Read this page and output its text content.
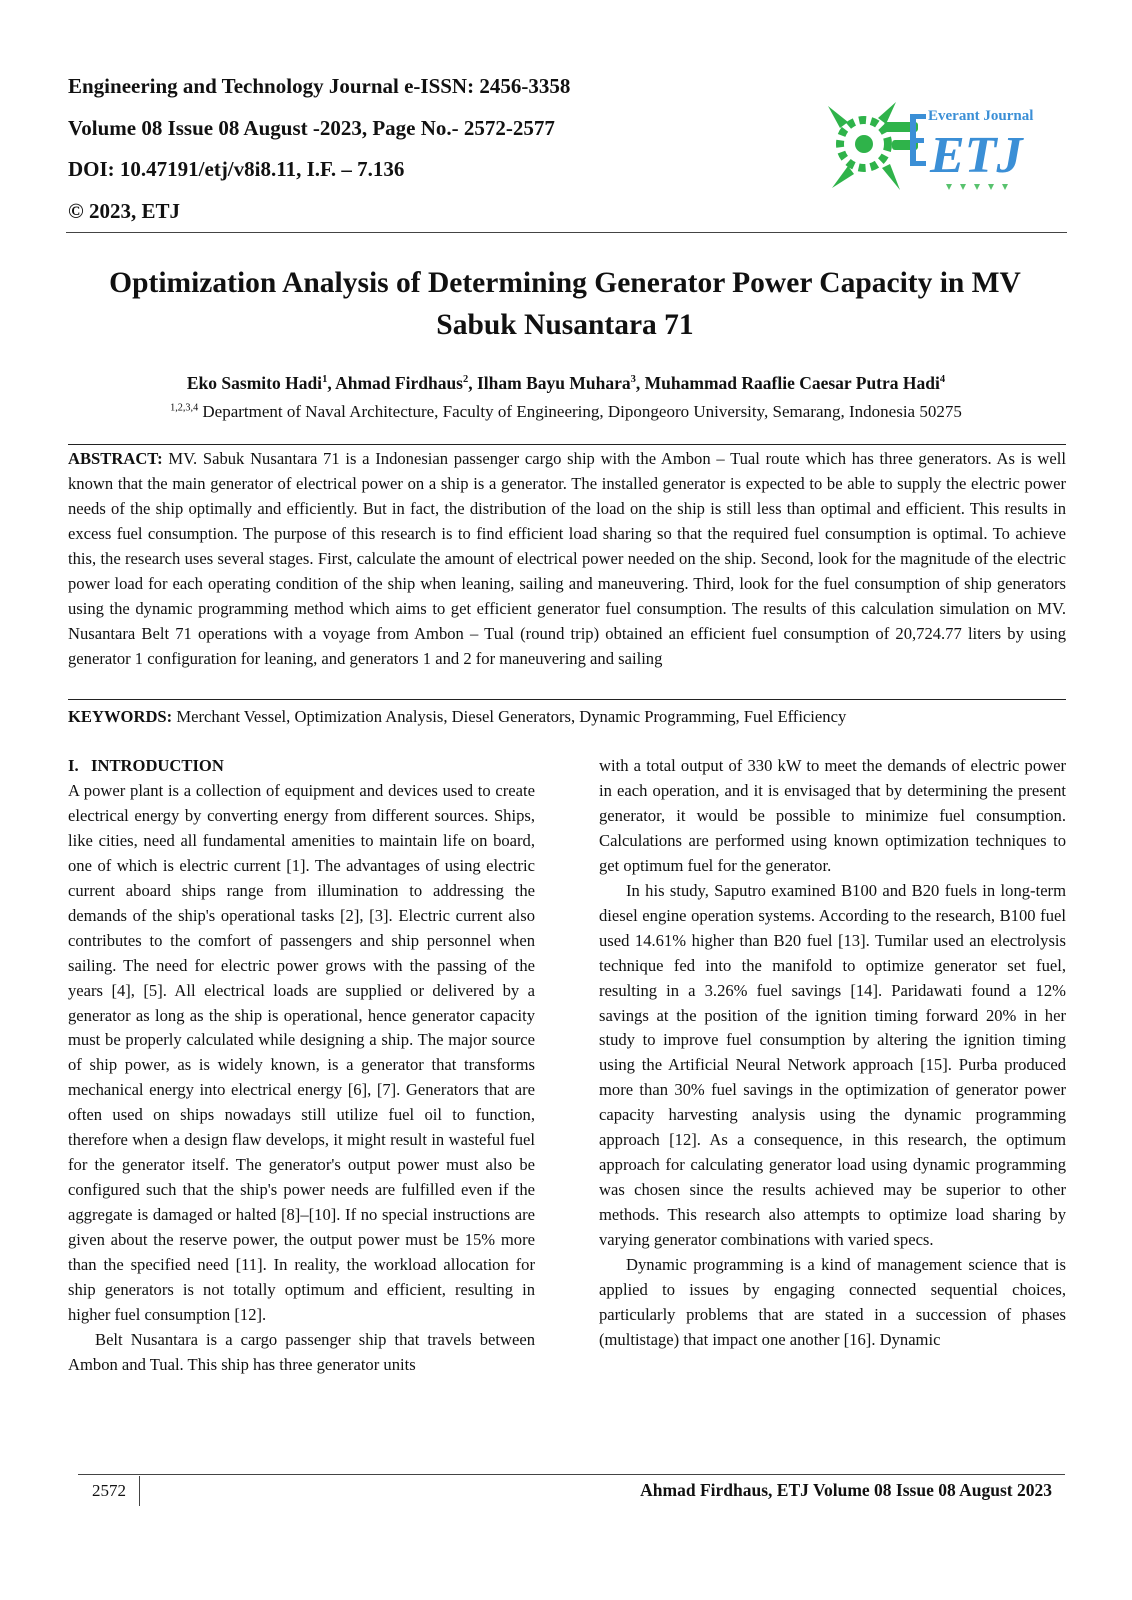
Engineering and Technology Journal e-ISSN: 2456-3358
Volume 08 Issue 08 August -2023, Page No.- 2572-2577
DOI: 10.47191/etj/v8i8.11, I.F. – 7.136
© 2023, ETJ
Everant Journal
ETJ
Optimization Analysis of Determining Generator Power Capacity in MV
Sabuk Nusantara 71
Eko Sasmito Hadi$^1$, Ahmad Firdhaus$^2$, Ilham Bayu Muhara$^3$, Muhammad Raaflie Caesar Putra Hadi$^4$
$^{1,2,3,4}$ Department of Naval Architecture, Faculty of Engineering, Dipongeoro University, Semarang, Indonesia 50275

ABSTRACT: MV. Sabuk Nusantara 71 is a Indonesian passenger cargo ship with the Ambon – Tual route which has three generators. As is well known that the main generator of electrical power on a ship is a generator. The installed generator is expected to be able to supply the electric power needs of the ship optimally and efficiently. But in fact, the distribution of the load on the ship is still less than optimal and efficient. This results in excess fuel consumption. The purpose of this research is to find efficient load sharing so that the required fuel consumption is optimal. To achieve this, the research uses several stages. First, calculate the amount of electrical power needed on the ship. Second, look for the magnitude of the electric power load for each operating condition of the ship when leaning, sailing and maneuvering. Third, look for the fuel consumption of ship generators using the dynamic programming method which aims to get efficient generator fuel consumption. The results of this calculation simulation on MV. Nusantara Belt 71 operations with a voyage from Ambon – Tual (round trip) obtained an efficient fuel consumption of 20,724.77 liters by using generator 1 configuration for leaning, and generators 1 and 2 for maneuvering and sailing

KEYWORDS: Merchant Vessel, Optimization Analysis, Diesel Generators, Dynamic Programming, Fuel Efficiency
I.   INTRODUCTION

A power plant is a collection of equipment and devices used to create electrical energy by converting energy from different sources. Ships, like cities, need all fundamental amenities to maintain life on board, one of which is electric current [1]. The advantages of using electric current aboard ships range from illumination to addressing the demands of the ship's operational tasks [2], [3]. Electric current also contributes to the comfort of passengers and ship personnel when sailing. The need for electric power grows with the passing of the years [4], [5]. All electrical loads are supplied or delivered by a generator as long as the ship is operational, hence generator capacity must be properly calculated while designing a ship. The major source of ship power, as is widely known, is a generator that transforms mechanical energy into electrical energy [6], [7]. Generators that are often used on ships nowadays still utilize fuel oil to function, therefore when a design flaw develops, it might result in wasteful fuel for the generator itself. The generator's output power must also be configured such that the ship's power needs are fulfilled even if the aggregate is damaged or halted [8]–[10]. If no special instructions are given about the reserve power, the output power must be 15% more than the specified need [11]. In reality, the workload allocation for ship generators is not totally optimum and efficient, resulting in higher fuel consumption [12].

Belt Nusantara is a cargo passenger ship that travels between Ambon and Tual. This ship has three generator units

with a total output of 330 kW to meet the demands of electric power in each operation, and it is envisaged that by determining the present generator, it would be possible to minimize fuel consumption. Calculations are performed using known optimization techniques to get optimum fuel for the generator.

In his study, Saputro examined B100 and B20 fuels in long-term diesel engine operation systems. According to the research, B100 fuel used 14.61% higher than B20 fuel [13]. Tumilar used an electrolysis technique fed into the manifold to optimize generator set fuel, resulting in a 3.26% fuel savings [14]. Paridawati found a 12% savings at the position of the ignition timing forward 20% in her study to improve fuel consumption by altering the ignition timing using the Artificial Neural Network approach [15]. Purba produced more than 30% fuel savings in the optimization of generator power capacity harvesting analysis using the dynamic programming approach [12]. As a consequence, in this research, the optimum approach for calculating generator load using dynamic programming was chosen since the results achieved may be superior to other methods. This research also attempts to optimize load sharing by varying generator combinations with varied specs.

Dynamic programming is a kind of management science that is applied to issues by engaging connected sequential choices, particularly problems that are stated in a succession of phases (multistage) that impact one another [16]. Dynamic

2572	Ahmad Firdhaus, ETJ Volume 08 Issue 08 August 2023
